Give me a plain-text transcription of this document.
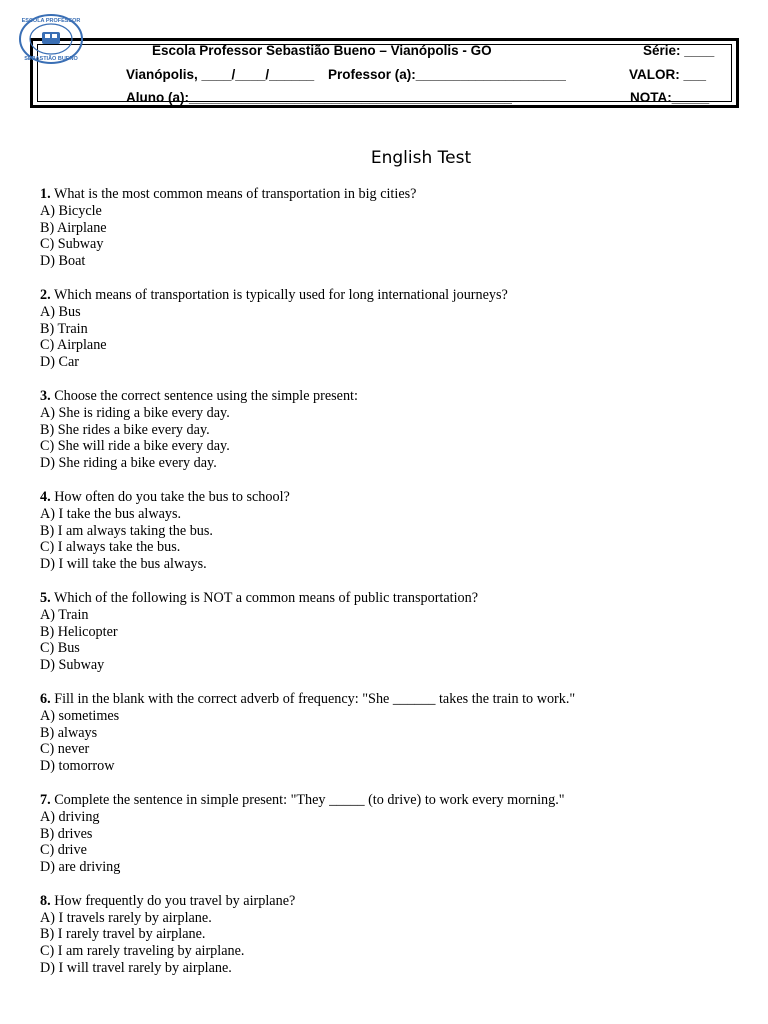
ESCOLA PROFESSOR
SEBASTIÃO BUENO
Escola Professor Sebastião Bueno – Vianópolis - GO	Série: ____
Vianópolis, ____/____/______ Professor (a):____________________	VALOR: ___
Aluno (a):___________________________________________	NOTA:_____
English Test
1. What is the most common means of transportation in big cities?
A) Bicycle
B) Airplane
C) Subway
D) Boat
2. Which means of transportation is typically used for long international journeys?
A) Bus
B) Train
C) Airplane
D) Car
3. Choose the correct sentence using the simple present:
A) She is riding a bike every day.
B) She rides a bike every day.
C) She will ride a bike every day.
D) She riding a bike every day.
4. How often do you take the bus to school?
A) I take the bus always.
B) I am always taking the bus.
C) I always take the bus.
D) I will take the bus always.
5. Which of the following is NOT a common means of public transportation?
A) Train
B) Helicopter
C) Bus
D) Subway
6. Fill in the blank with the correct adverb of frequency: "She ______ takes the train to work."
A) sometimes
B) always
C) never
D) tomorrow
7. Complete the sentence in simple present: "They _____ (to drive) to work every morning."
A) driving
B) drives
C) drive
D) are driving
8. How frequently do you travel by airplane?
A) I travels rarely by airplane.
B) I rarely travel by airplane.
C) I am rarely traveling by airplane.
D) I will travel rarely by airplane.
